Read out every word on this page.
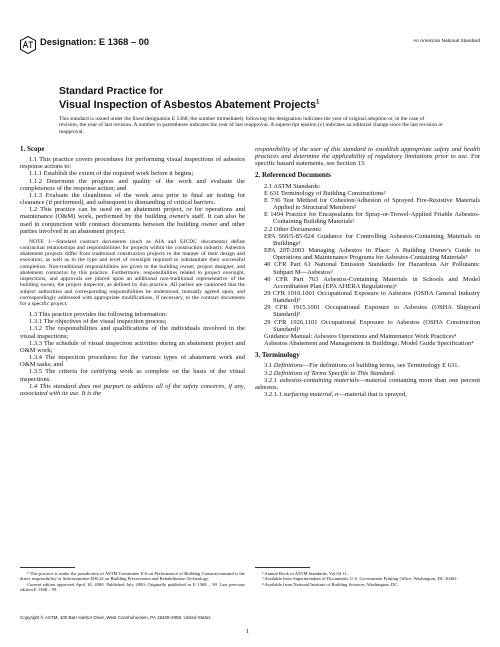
Designation: E 1368 – 00	An American National Standard
Standard Practice for
Visual Inspection of Asbestos Abatement Projects$^1$
This standard is issued under the fixed designation E 1368; the number immediately following the designation indicates the year of original adoption or, in the case of revision, the year of last revision. A number in parentheses indicates the year of last reapproval. A superscript epsilon (ε) indicates an editorial change since the last revision or reapproval.

1. Scope

1.1 This practice covers procedures for performing visual inspections of asbestos response actions to:

1.1.1 Establish the extent of the required work before it begins;

1.1.2 Determine the progress and quality of the work and evaluate the completeness of the response action; and

1.1.3 Evaluate the cleanliness of the work area prior to final air testing for clearance (if performed), and subsequent to dismantling of critical barriers.

1.2 This practice can be used on an abatement project, or for operations and maintenance (O&M) work, performed by the building owner's staff. It can also be used in conjunction with contract documents between the building owner and other parties involved in an abatement project.

NOTE 1—Standard contract documents (such as AIA and EJCDC documents) define contractual relationships and responsibilities for projects within the construction industry. Asbestos abatement projects differ from traditional construction projects in the manner of their design and execution, as well as in the type and level of oversight required to substantiate their successful completion. Non-traditional responsibilities are given to the building owner, project designer, and abatement contractor by this practice. Furthermore, responsibilities related to project oversight, inspections, and approvals are placed upon an additional non-traditional representative of the building owner, the project inspector, as defined by this practice. All parties are cautioned that the subject authorities and corresponding responsibilities be understood, mutually agreed upon, and correspondingly addressed with appropriate modifications, if necessary, to the contract documents for a specific project.

1.3 This practice provides the following information:

1.3.1 The objectives of the visual inspection process;

1.3.2 The responsibilities and qualifications of the individuals involved in the visual inspections;

1.3.3 The schedule of visual inspection activities during an abatement project and O&M work;

1.3.4 The inspection procedures for the various types of abatement work and O&M tasks; and

1.3.5 The criteria for certifying work as complete on the basis of the visual inspections.

1.4 This standard does not purport to address all of the safety concerns, if any, associated with its use. It is the

responsibility of the user of this standard to establish appropriate safety and health practices and determine the applicability of regulatory limitations prior to use. For specific hazard statements, see Section 13.

2. Referenced Documents

2.1 ASTM Standards:

E 631 Terminology of Building Constructions²

E 736 Test Method for Cohesion/Adhesion of Sprayed Fire-Resistive Materials Applied to Structural Members²

E 1494 Practice for Encapsulants for Spray-or-Trowel-Applied Friable Asbestos-Containing Building Materials²

2.2 Other Documents:

EPA 560/5-85-024 Guidance for Controlling Asbestos-Containing Materials in Buildings³

EPA 20T-2003 Managing Asbestos in Place: A Building Owner's Guide to Operations and Maintenance Programs for Asbestos-Containing Materials³

40 CFR Part 61 National Emission Standards for Hazardous Air Pollutants: Subpart M—Asbestos³

40 CFR Part 763 Asbestos-Containing Materials in Schools and Model Accreditation Plan (EPA AHERA Regulations)³

29 CFR 1910.1001 Occupational Exposure to Asbestos (OSHA General Industry Standard)³

29 CFR 1915.1001 Occupational Exposure to Asbestos (OSHA Shipyard Standard)³

29 CFR 1926.1101 Occupational Exposure to Asbestos (OSHA Construction Standard)³

Guidance Manual: Asbestos Operations and Maintenance Work Practices⁴

Asbestos Abatement and Management in Buildings: Model Guide Specification⁴

3. Terminology

3.1 Definitions—For definitions of building terms, see Terminology E 631.

3.2 Definitions of Terms Specific to This Standard:

3.2.1 asbestos-containing materials—material containing more than one percent asbestos.

3.2.1.1 surfacing material, n—material that is sprayed,

¹ This practice is under the jurisdiction of ASTM Committee E-6 on Performance of Building Constructionsand is the direct responsibility of Subcommittee E06.24 on Building Preservation and Rehabilitation Technology.

Current edition approved April 10, 2000. Published July 2000. Originally published as E 1368 – 90. Last previous edition E 1368 – 99.

² Annual Book of ASTM Standards, Vol 04.11.

³ Available from Superintendent of Documents, U.S. Government Printing Office, Washington, DC 20402.

⁴ Available from National Institute of Building Sciences, Washington, DC.

Copyright © ASTM, 100 Barr Harbor Drive, West Conshohocken, PA 19428-2959, United States.
1
